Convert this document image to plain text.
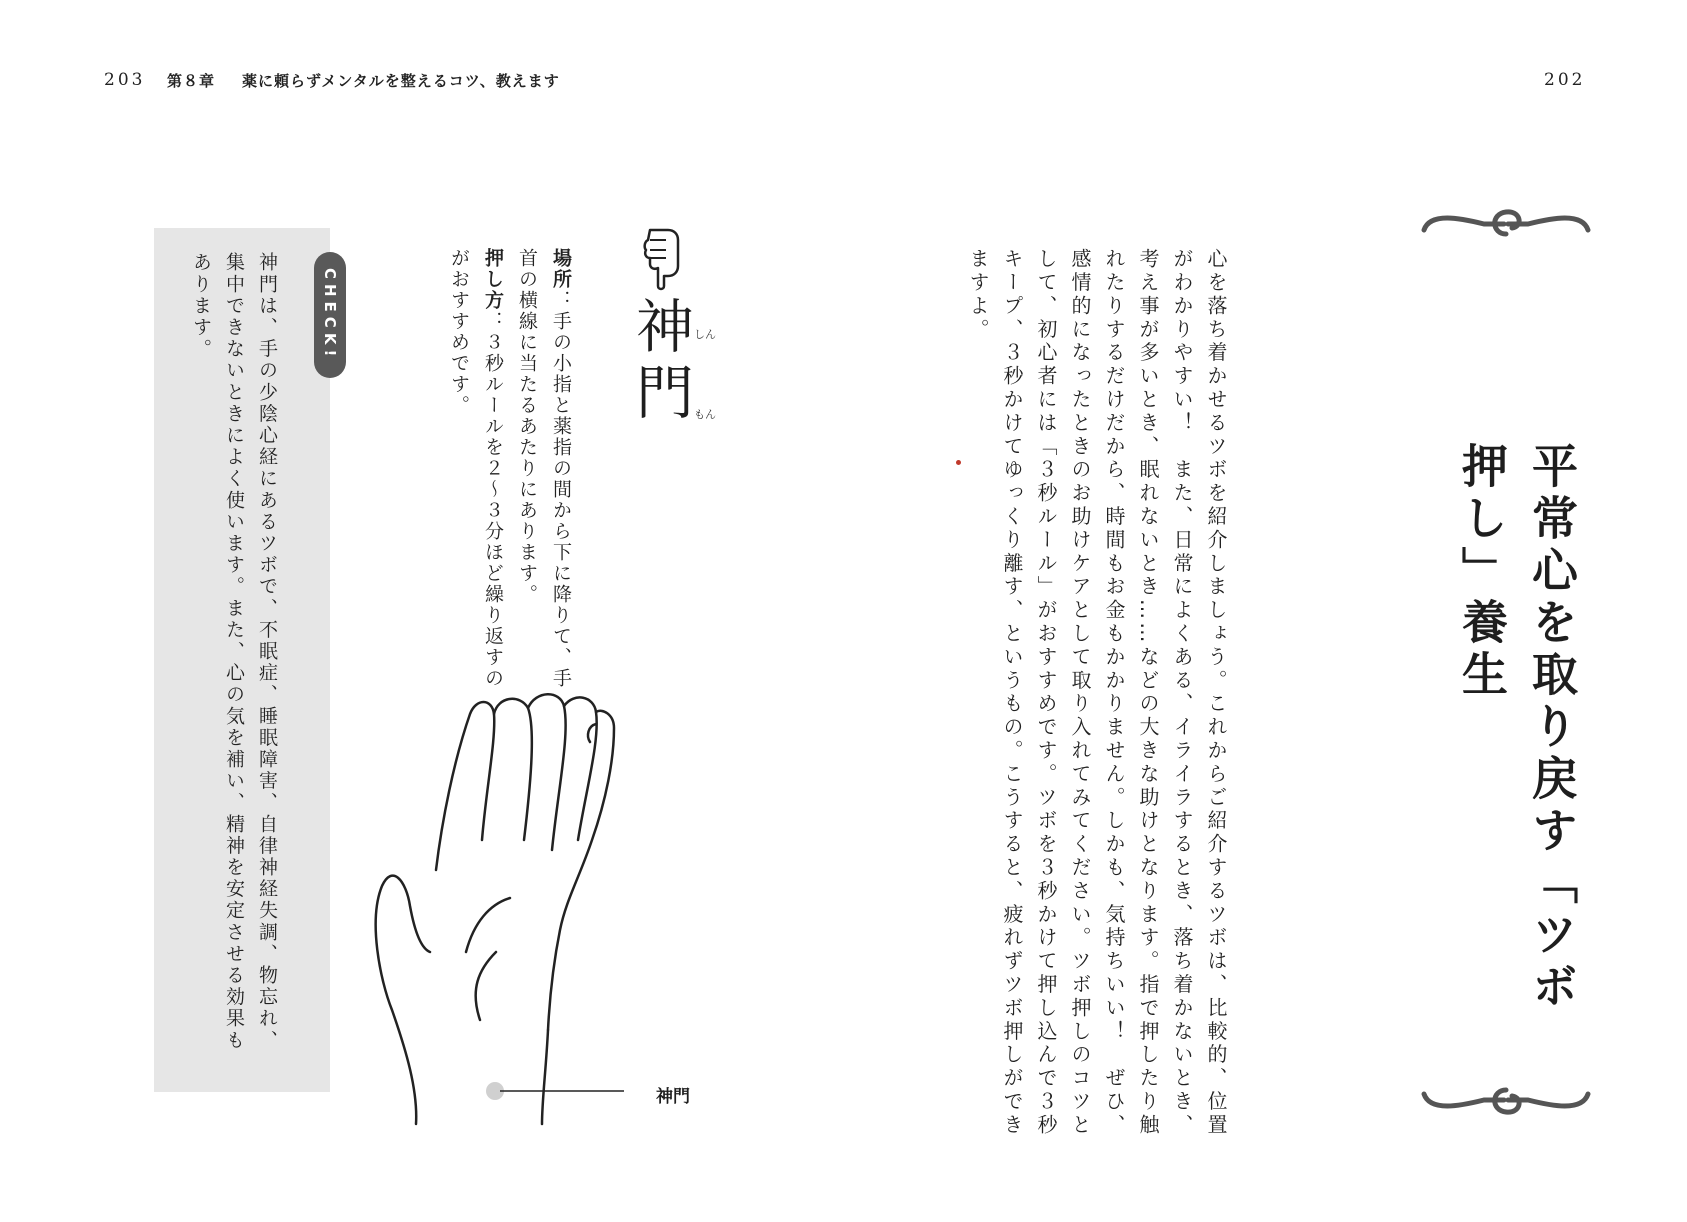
203 第８章 薬に頼らずメンタルを整えるコツ、教えます	202
平常心を取り戻す「ツボ押し」養生
心を落ち着かせるツボを紹介しましょう。これからご紹介するツボは、比較的、位置がわかりやすい！　また、日常によくある、イライラするとき、落ち着かないとき、考え事が多いとき、眠れないとき……などの大きな助けとなります。指で押したり触れたりするだけだから、時間もお金もかかりません。しかも、気持ちいい！　ぜひ、感情的になったときのお助けケアとして取り入れてみてください。ツボ押しのコツとして、初心者には「３秒ルール」がおすすめです。ツボを３秒かけて押し込んで３秒キープ、３秒かけてゆっくり離す、というもの。こうすると、疲れずツボ押しができますよ。
神門 しん
もん
場所：手の小指と薬指の間から下に降りて、手首の横線に当たるあたりにあります。
押し方：３秒ルールを２〜３分ほど繰り返すのがおすすめです。
神門
CHECK!
神門は、手の少陰心経にあるツボで、不眠症、睡眠障害、自律神経失調、物忘れ、集中できないときによく使います。また、心の気を補い、精神を安定させる効果もあります。
